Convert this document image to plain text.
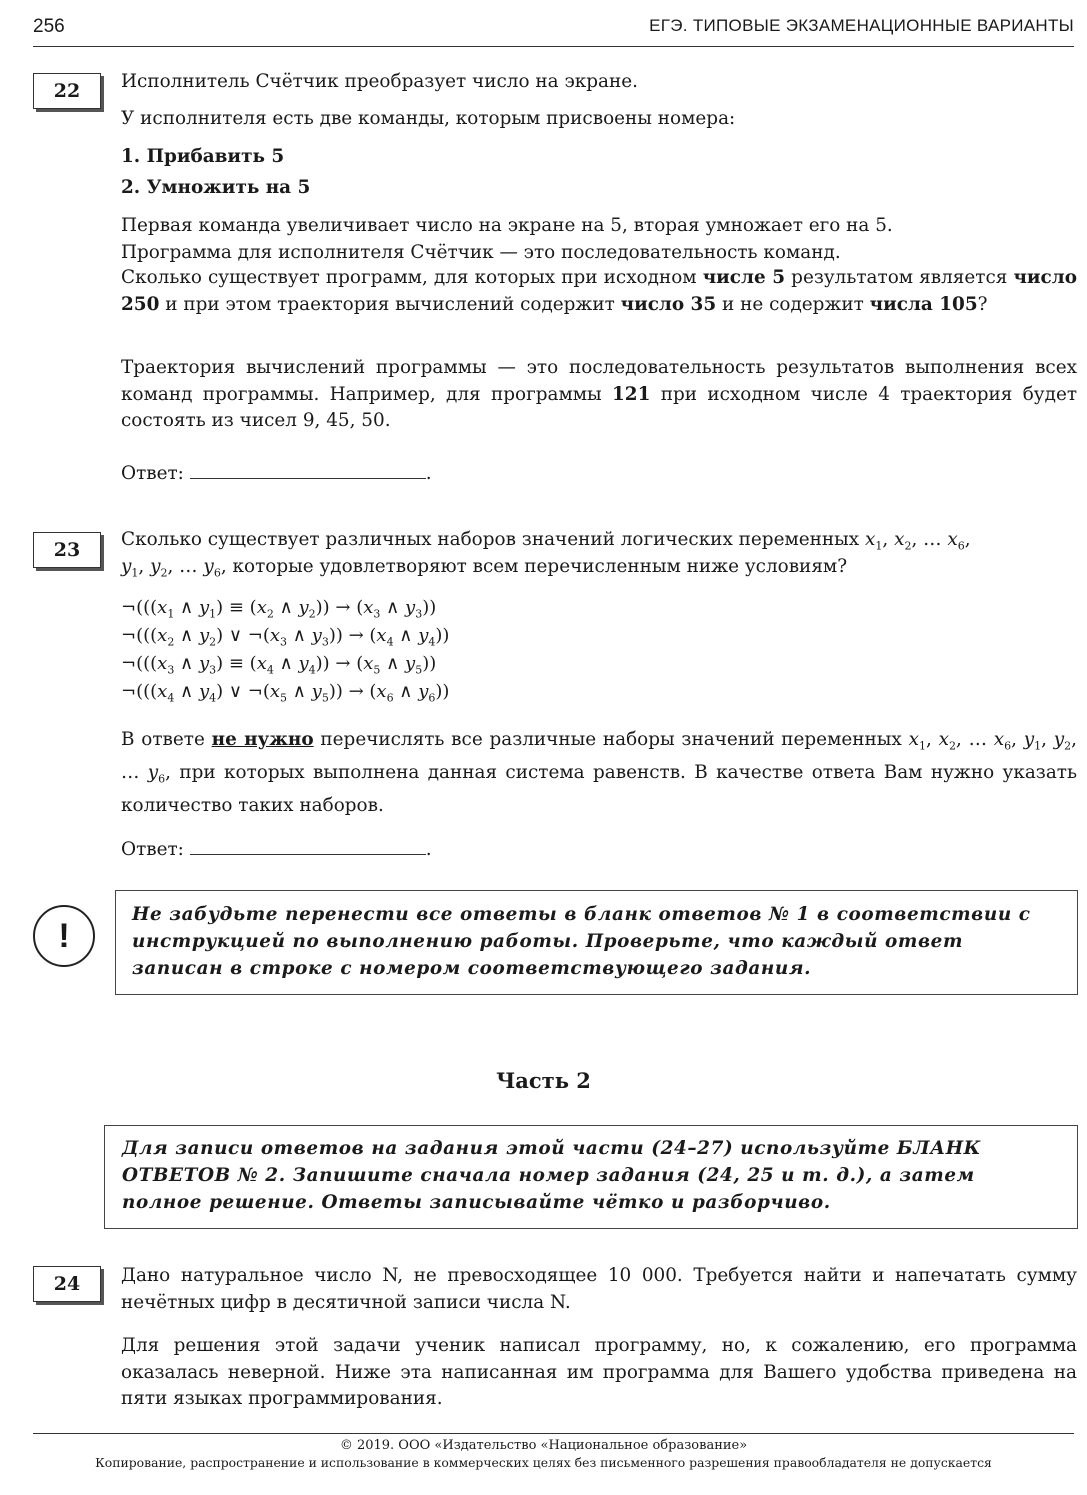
256	ЕГЭ. ТИПОВЫЕ ЭКЗАМЕНАЦИОННЫЕ ВАРИАНТЫ
22	Исполнитель Счётчик преобразует число на экране.
У исполнителя есть две команды, которым присвоены номера:
1. Прибавить 5
2. Умножить на 5
Первая команда увеличивает число на экране на 5, вторая умножает его на 5.
Программа для исполнителя Счётчик — это последовательность команд.
Сколько существует программ, для которых при исходном числе 5 результатом является число 250 и при этом траектория вычислений содержит число 35 и не содержит числа 105?
Траектория вычислений программы — это последовательность результатов выполнения всех команд программы. Например, для программы 121 при исходном числе 4 траектория будет состоять из чисел 9, 45, 50.
Ответ:	.
23	Сколько существует различных наборов значений логических переменных $x_1$, $x_2$, … $x_6$,
$y_1$, $y_2$, … $y_6$, которые удовлетворяют всем перечисленным ниже условиям?
$\neg(((x_1$ ∧ $y_1) \equiv (x_2$ ∧ $y_2)) \to (x_3$ ∧ $y_3$))
$\neg(((x_2$ ∧ $y_2$) ∨ $\neg(x_3$ ∧ $y_3)) \to (x_4$ ∧ $y_4$))
$\neg(((x_3$ ∧ $y_3) \equiv (x_4$ ∧ $y_4)) \to (x_5$ ∧ $y_5$))
$\neg(((x_4$ ∧ $y_4$) ∨ $\neg(x_5$ ∧ $y_5)) \to (x_6$ ∧ $y_6$))
В ответе не нужно перечислять все различные наборы значений переменных $x_1$, $x_2$, … $x_6$, $y_1$, $y_2$, … $y_6$, при которых выполнена данная система равенств. В качестве ответа Вам нужно указать количество таких наборов.
Ответ:	.
!
Не забудьте перенести все ответы в бланк ответов № 1 в соответствии с инструкцией по выполнению работы. Проверьте, что каждый ответ записан в строке с номером соответствующего задания.
Часть 2
Для записи ответов на задания этой части (24–27) используйте БЛАНК ОТВЕТОВ № 2. Запишите сначала номер задания (24, 25 и т. д.), а затем полное решение. Ответы записывайте чётко и разборчиво.
24	Дано натуральное число N, не превосходящее 10 000. Требуется найти и напечатать сумму нечётных цифр в десятичной записи числа N.
Для решения этой задачи ученик написал программу, но, к сожалению, его программа оказалась неверной. Ниже эта написанная им программа для Вашего удобства приведена на пяти языках программирования.
© 2019. ООО «Издательство «Национальное образование»
Копирование, распространение и использование в коммерческих целях без письменного разрешения правообладателя не допускается
